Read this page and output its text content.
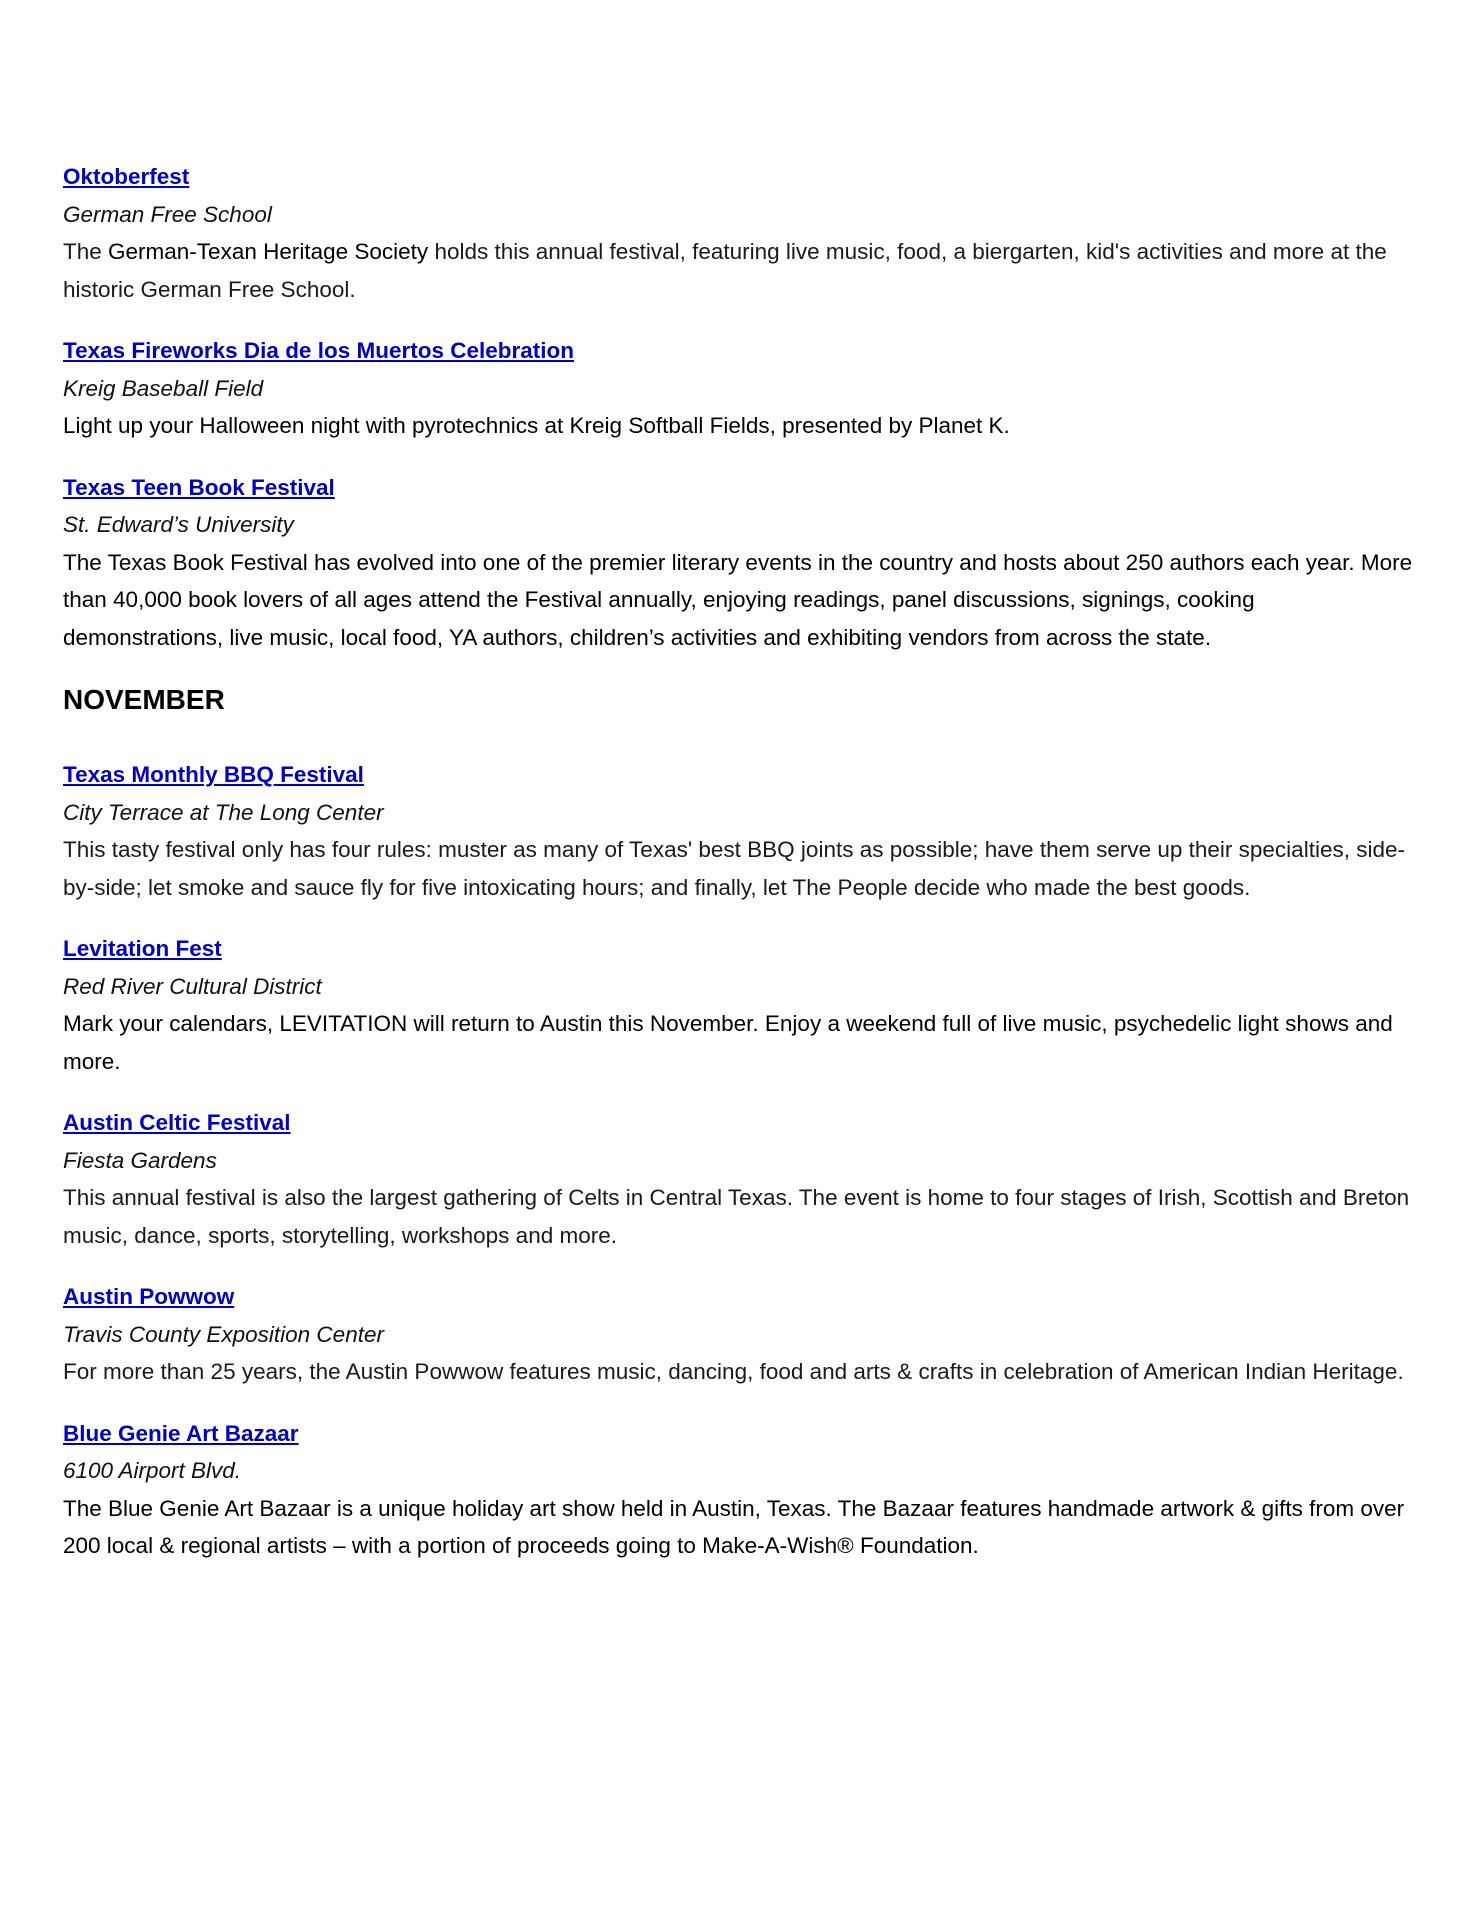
Oktoberfest
German Free School
The German-Texan Heritage Society holds this annual festival, featuring live music, food, a biergarten, kid's activities and more at the historic German Free School.
Texas Fireworks Dia de los Muertos Celebration
Kreig Baseball Field
Light up your Halloween night with pyrotechnics at Kreig Softball Fields, presented by Planet K.
Texas Teen Book Festival
St. Edward’s University
The Texas Book Festival has evolved into one of the premier literary events in the country and hosts about 250 authors each year. More than 40,000 book lovers of all ages attend the Festival annually, enjoying readings, panel discussions, signings, cooking demonstrations, live music, local food, YA authors, children’s activities and exhibiting vendors from across the state.
NOVEMBER
Texas Monthly BBQ Festival
City Terrace at The Long Center
This tasty festival only has four rules: muster as many of Texas' best BBQ joints as possible; have them serve up their specialties, side-by-side; let smoke and sauce fly for five intoxicating hours; and finally, let The People decide who made the best goods.
Levitation Fest
Red River Cultural District
Mark your calendars, LEVITATION will return to Austin this November. Enjoy a weekend full of live music, psychedelic light shows and more.
Austin Celtic Festival
Fiesta Gardens
This annual festival is also the largest gathering of Celts in Central Texas. The event is home to four stages of Irish, Scottish and Breton music, dance, sports, storytelling, workshops and more.
Austin Powwow
Travis County Exposition Center
For more than 25 years, the Austin Powwow features music, dancing, food and arts & crafts in celebration of American Indian Heritage.
Blue Genie Art Bazaar
6100 Airport Blvd.
The Blue Genie Art Bazaar is a unique holiday art show held in Austin, Texas. The Bazaar features handmade artwork & gifts from over 200 local & regional artists – with a portion of proceeds going to Make-A-Wish® Foundation.
